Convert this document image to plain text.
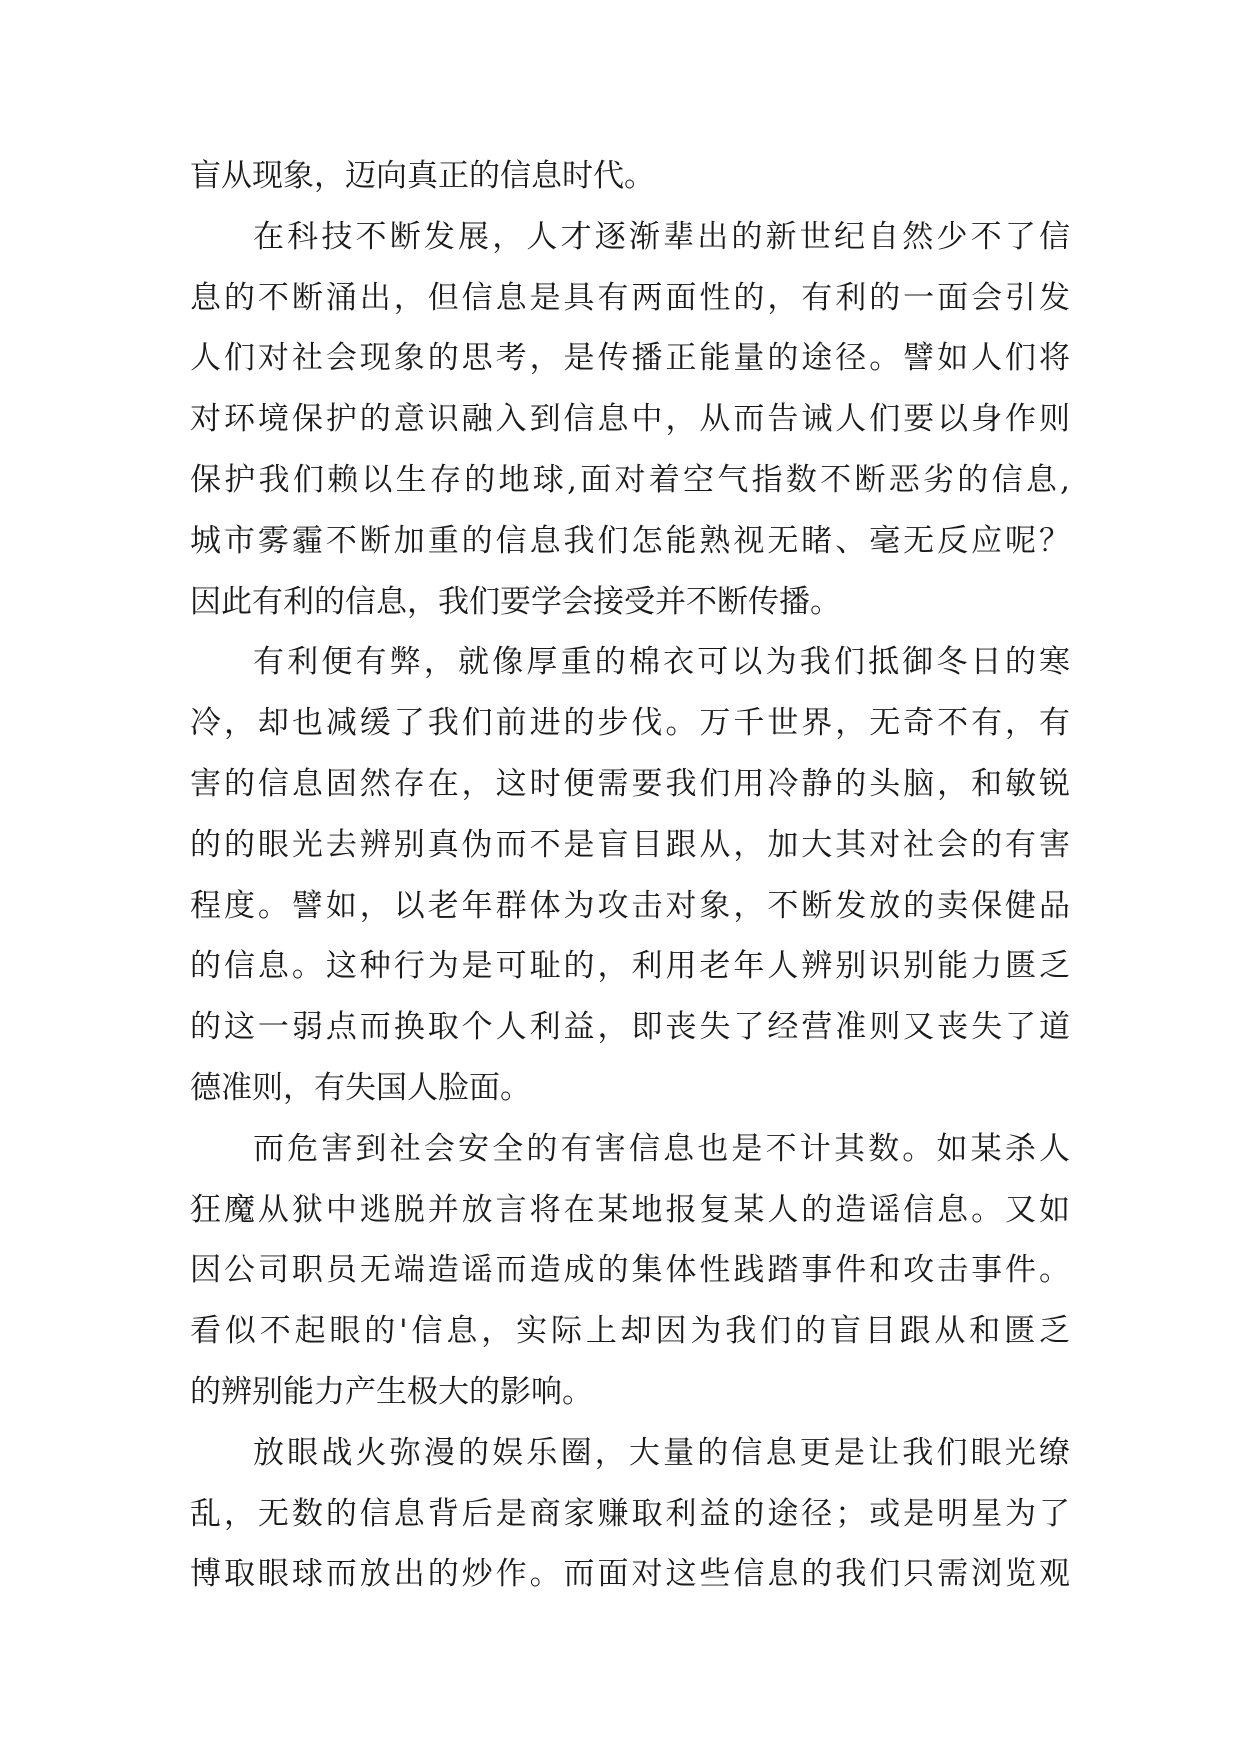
盲从现象，迈向真正的信息时代。
在科技不断发展，人才逐渐辈出的新世纪自然少不了信
息的不断涌出，但信息是具有两面性的，有利的一面会引发
人们对社会现象的思考，是传播正能量的途径。譬如人们将
对环境保护的意识融入到信息中，从而告诫人们要以身作则
保护我们赖以生存的地球,面对着空气指数不断恶劣的信息,
城市雾霾不断加重的信息我们怎能熟视无睹、毫无反应呢？
因此有利的信息，我们要学会接受并不断传播。
有利便有弊，就像厚重的棉衣可以为我们抵御冬日的寒
冷，却也减缓了我们前进的步伐。万千世界，无奇不有，有
害的信息固然存在，这时便需要我们用冷静的头脑，和敏锐
的的眼光去辨别真伪而不是盲目跟从，加大其对社会的有害
程度。譬如，以老年群体为攻击对象，不断发放的卖保健品
的信息。这种行为是可耻的，利用老年人辨别识别能力匮乏
的这一弱点而换取个人利益，即丧失了经营准则又丧失了道
德准则，有失国人脸面。
而危害到社会安全的有害信息也是不计其数。如某杀人
狂魔从狱中逃脱并放言将在某地报复某人的造谣信息。又如
因公司职员无端造谣而造成的集体性践踏事件和攻击事件。
看似不起眼的'信息，实际上却因为我们的盲目跟从和匮乏
的辨别能力产生极大的影响。
放眼战火弥漫的娱乐圈，大量的信息更是让我们眼光缭
乱，无数的信息背后是商家赚取利益的途径；或是明星为了
博取眼球而放出的炒作。而面对这些信息的我们只需浏览观
